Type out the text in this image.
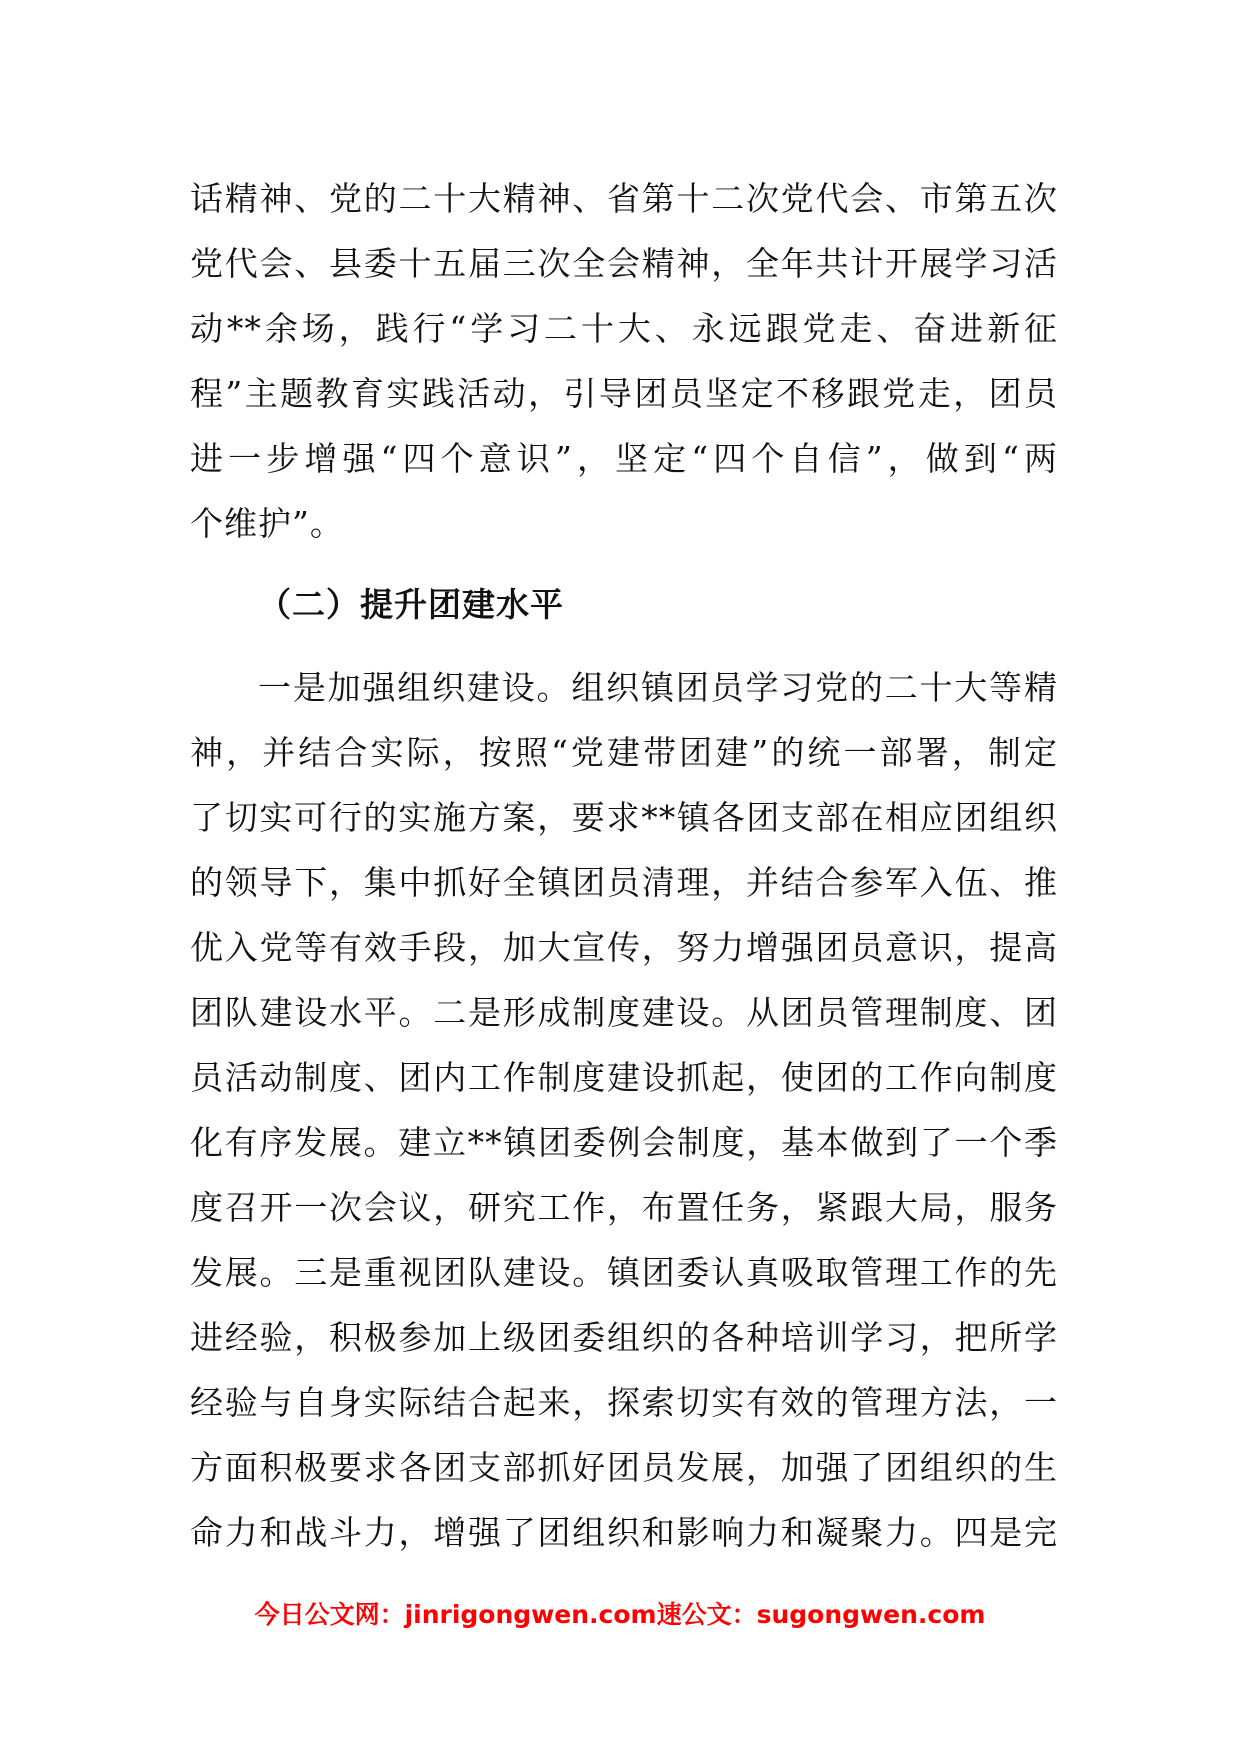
话精神、党的二十大精神、省第十二次党代会、市第五次
党代会、县委十五届三次全会精神，全年共计开展学习活
动**余场，践行“学习二十大、永远跟党走、奋进新征
程”主题教育实践活动，引导团员坚定不移跟党走，团员
进一步增强“四个意识”，坚定“四个自信”，做到“两
个维护”。
（二）提升团建水平
一是加强组织建设。组织镇团员学习党的二十大等精
神，并结合实际，按照“党建带团建”的统一部署，制定
了切实可行的实施方案，要求**镇各团支部在相应团组织
的领导下，集中抓好全镇团员清理，并结合参军入伍、推
优入党等有效手段，加大宣传，努力增强团员意识，提高
团队建设水平。二是形成制度建设。从团员管理制度、团
员活动制度、团内工作制度建设抓起，使团的工作向制度
化有序发展。建立**镇团委例会制度，基本做到了一个季
度召开一次会议，研究工作，布置任务，紧跟大局，服务
发展。三是重视团队建设。镇团委认真吸取管理工作的先
进经验，积极参加上级团委组织的各种培训学习，把所学
经验与自身实际结合起来，探索切实有效的管理方法，一
方面积极要求各团支部抓好团员发展，加强了团组织的生
命力和战斗力，增强了团组织和影响力和凝聚力。四是完
今日公文网：jinrigongwen.com速公文：sugongwen.com
